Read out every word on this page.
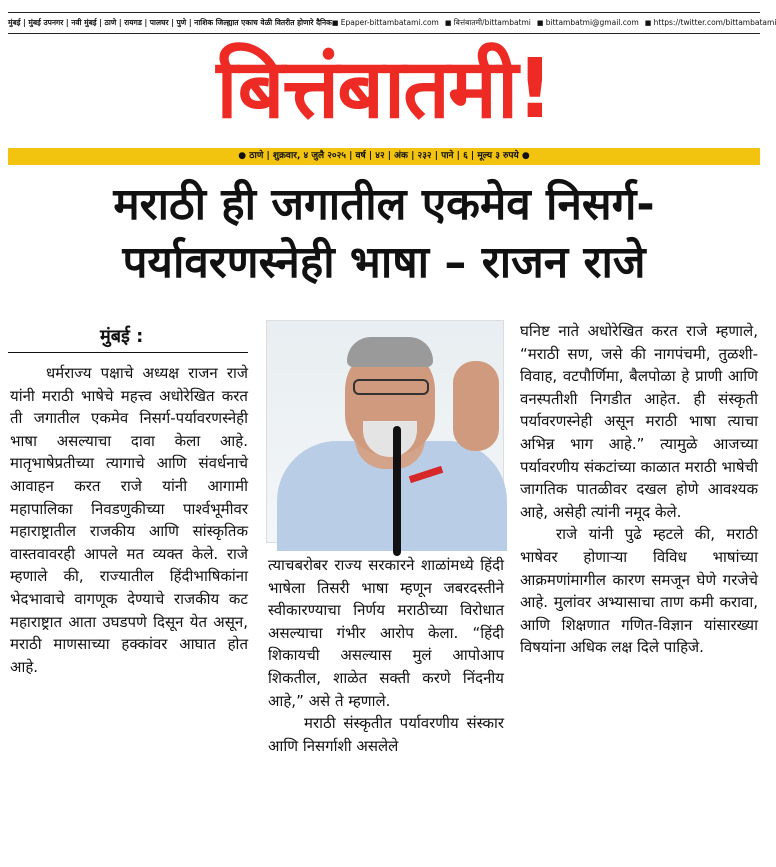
मुंबई | मुंबई उपनगर | नवी मुंबई | ठाणे | रायगड | पालघर | पुणे | नाशिक जिल्ह्यात एकाच वेळी वितरीत होणारे दैनिक	■ Epaper-bittambatami.com	■ बित्तंबातमी/bittambatmi	■ bittambatmi@gmail.com	■ https://twitter.com/bittambatami
बित्तंबातमी!
● ठाणे | शुक्रवार, ४ जुलै २०२५ | वर्ष | ४२ | अंक | २३२ | पाने | ६ | मूल्य ३ रुपये ●
मराठी ही जगातील एकमेव निसर्ग-
पर्यावरणस्नेही भाषा – राजन राजे
मुंबई :

धर्मराज्य पक्षाचे अध्यक्ष राजन राजे यांनी मराठी भाषेचे महत्त्व अधोरेखित करत ती जगातील एकमेव निसर्ग-पर्यावरणस्नेही भाषा असल्याचा दावा केला आहे. मातृभाषेप्रतीच्या त्यागाचे आणि संवर्धनाचे आवाहन करत राजे यांनी आगामी महापालिका निवडणुकीच्या पार्श्वभूमीवर महाराष्ट्रातील राजकीय आणि सांस्कृतिक वास्तवावरही आपले मत व्यक्त केले. राजे म्हणाले की, राज्यातील हिंदीभाषिकांना भेदभावाचे वागणूक देण्याचे राजकीय कट महाराष्ट्रात आता उघडपणे दिसून येत असून, मराठी माणसाच्या हक्कांवर आघात होत आहे.

त्याचबरोबर राज्य सरकारने शाळांमध्ये हिंदी भाषेला तिसरी भाषा म्हणून जबरदस्तीने स्वीकारण्याचा निर्णय मराठीच्या विरोधात असल्याचा गंभीर आरोप केला. “हिंदी शिकायची असल्यास मुलं आपोआप शिकतील, शाळेत सक्ती करणे निंदनीय आहे,” असे ते म्हणाले.

मराठी संस्कृतीत पर्यावरणीय संस्कार आणि निसर्गाशी असलेले

घनिष्ट नाते अधोरेखित करत राजे म्हणाले, “मराठी सण, जसे की नागपंचमी, तुळशी-विवाह, वटपौर्णिमा, बैलपोळा हे प्राणी आणि वनस्पतीशी निगडीत आहेत. ही संस्कृती पर्यावरणस्नेही असून मराठी भाषा त्याचा अभिन्न भाग आहे.” त्यामुळे आजच्या पर्यावरणीय संकटांच्या काळात मराठी भाषेची जागतिक पातळीवर दखल होणे आवश्यक आहे, असेही त्यांनी नमूद केले.

राजे यांनी पुढे म्हटले की, मराठी भाषेवर होणाऱ्या विविध भाषांच्या आक्रमणांमागील कारण समजून घेणे गरजेचे आहे. मुलांवर अभ्यासाचा ताण कमी करावा, आणि शिक्षणात गणित-विज्ञान यांसारख्या विषयांना अधिक लक्ष दिले पाहिजे.
